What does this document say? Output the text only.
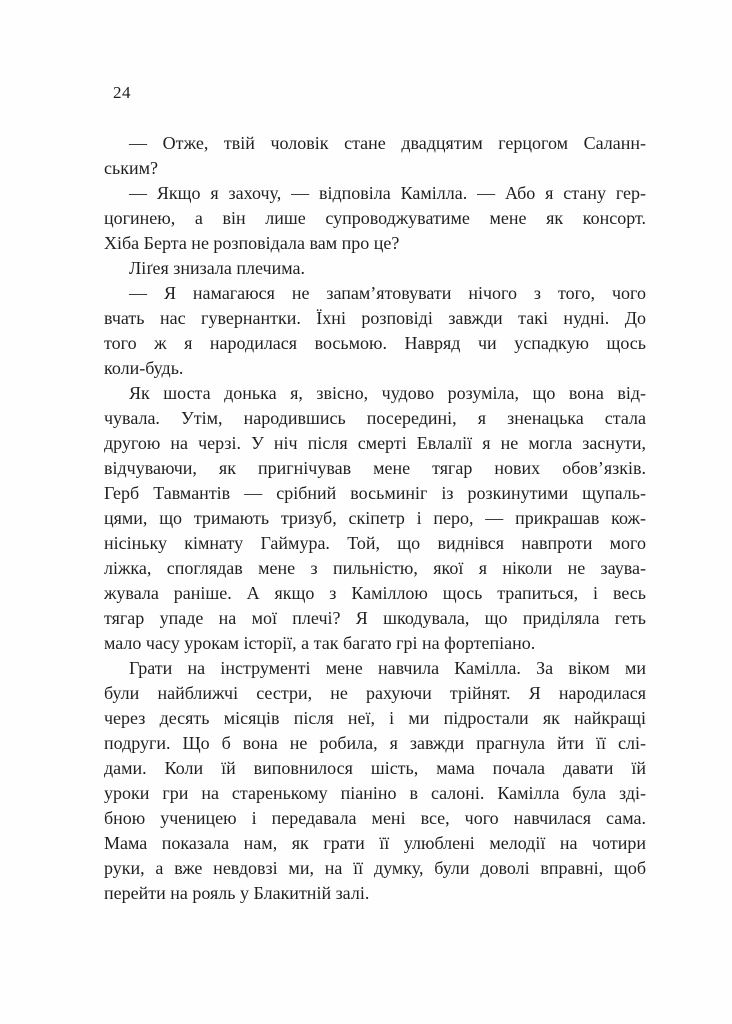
24
— Отже, твій чоловік стане двадцятим герцогом Саланн-
ським?
— Якщо я захочу, — відповіла Камілла. — Або я стану гер-
цогинею, а він лише супроводжуватиме мене як консорт.
Хіба Берта не розповідала вам про це?
Ліґея знизала плечима.
— Я намагаюся не запам’ятовувати нічого з того, чого
вчать нас гувернантки. Їхні розповіді завжди такі нудні. До
того ж я народилася восьмою. Навряд чи успадкую щось
коли-будь.
Як шоста донька я, звісно, чудово розуміла, що вона від-
чувала. Утім, народившись посередині, я зненацька стала
другою на черзі. У ніч після смерті Евлалії я не могла заснути,
відчуваючи, як пригнічував мене тягар нових обов’язків.
Герб Тавмантів — срібний восьминіг із розкинутими щупаль-
цями, що тримають тризуб, скіпетр і перо, — прикрашав кож-
нісіньку кімнату Гаймура. Той, що виднівся навпроти мого
ліжка, споглядав мене з пильністю, якої я ніколи не заува-
жувала раніше. А якщо з Каміллою щось трапиться, і весь
тягар упаде на мої плечі? Я шкодувала, що приділяла геть
мало часу урокам історії, а так багато грі на фортепіано.
Грати на інструменті мене навчила Камілла. За віком ми
були найближчі сестри, не рахуючи трійнят. Я народилася
через десять місяців після неї, і ми підростали як найкращі
подруги. Що б вона не робила, я завжди прагнула йти її слі-
дами. Коли їй виповнилося шість, мама почала давати їй
уроки гри на старенькому піаніно в салоні. Камілла була зді-
бною ученицею і передавала мені все, чого навчилася сама.
Мама показала нам, як грати її улюблені мелодії на чотири
руки, а вже невдовзі ми, на її думку, були доволі вправні, щоб
перейти на рояль у Блакитній залі.
